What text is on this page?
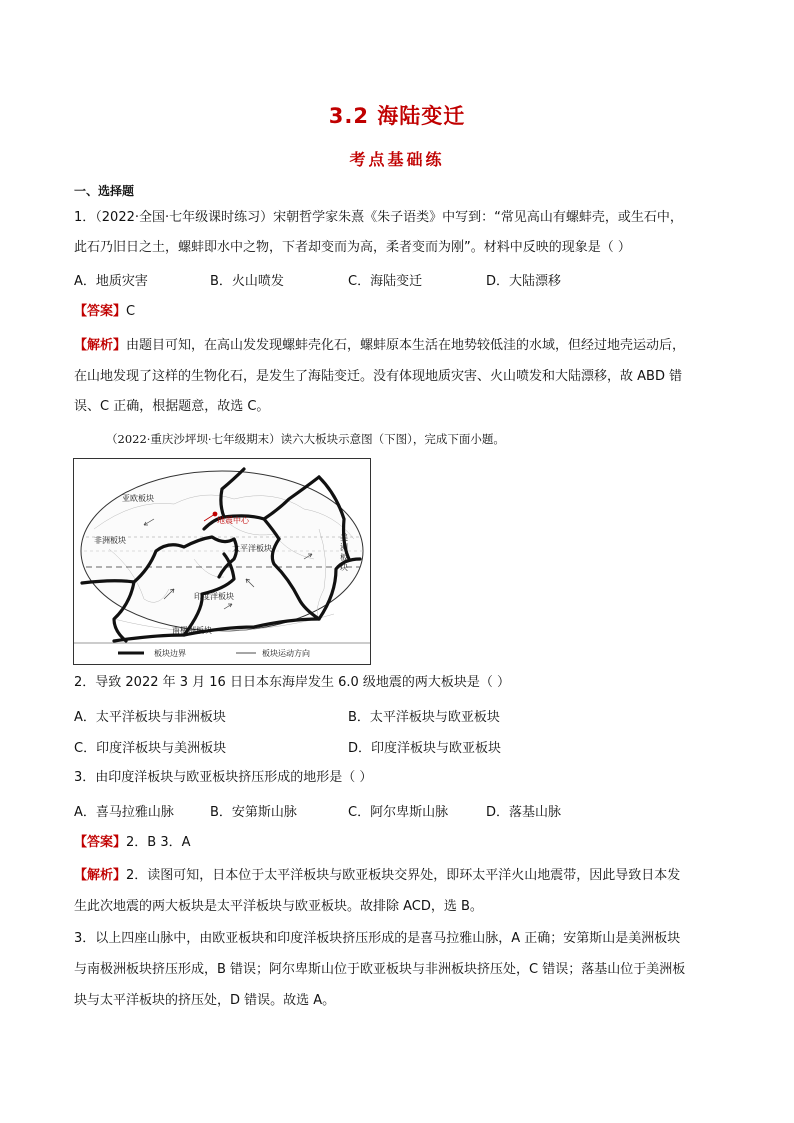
3.2 海陆变迁
考点基础练
一、选择题
1．（2022·全国·七年级课时练习）宋朝哲学家朱熹《朱子语类》中写到：“常见高山有螺蚌壳，或生石中，
此石乃旧日之土，螺蚌即水中之物，下者却变而为高，柔者变而为刚”。材料中反映的现象是（ ）
A．地质灾害	B．火山喷发	C．海陆变迁	D．大陆漂移
【答案】C
【解析】由题目可知，在高山发发现螺蚌壳化石，螺蚌原本生活在地势较低洼的水域，但经过地壳运动后，
在山地发现了这样的生物化石，是发生了海陆变迁。没有体现地质灾害、火山喷发和大陆漂移，故 ABD 错
误、C 正确，根据题意，故选 C。
（2022·重庆沙坪坝·七年级期末）读六大板块示意图（下图），完成下面小题。
亚欧板块
地震中心
太平洋板块
非洲板块	美洲板块
印度洋板块
南极洲板块
板块边界	板块运动方向
2．导致 2022 年 3 月 16 日日本东海岸发生 6.0 级地震的两大板块是（ ）
A．太平洋板块与非洲板块	B．太平洋板块与欧亚板块
C．印度洋板块与美洲板块	D．印度洋板块与欧亚板块
3．由印度洋板块与欧亚板块挤压形成的地形是（ ）
A．喜马拉雅山脉	B．安第斯山脉	C．阿尔卑斯山脉	D．落基山脉
【答案】2．B 3．A
【解析】2．读图可知，日本位于太平洋板块与欧亚板块交界处，即环太平洋火山地震带，因此导致日本发
生此次地震的两大板块是太平洋板块与欧亚板块。故排除 ACD，选 B。
3．以上四座山脉中，由欧亚板块和印度洋板块挤压形成的是喜马拉雅山脉，A 正确；安第斯山是美洲板块
与南极洲板块挤压形成，B 错误；阿尔卑斯山位于欧亚板块与非洲板块挤压处，C 错误；落基山位于美洲板
块与太平洋板块的挤压处，D 错误。故选 A。
